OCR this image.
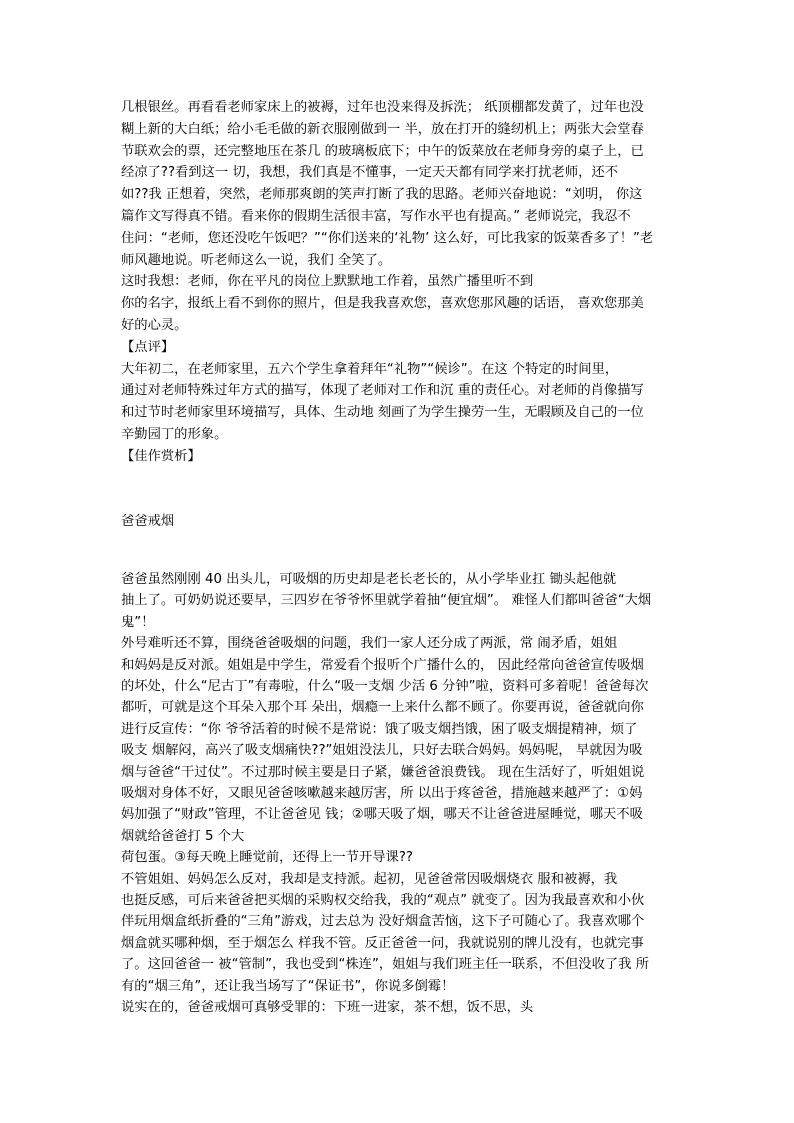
几根银丝。再看看老师家床上的被褥，过年也没来得及拆洗； 纸顶棚都发黄了，过年也没
糊上新的大白纸；给小毛毛做的新衣服刚做到一 半，放在打开的缝纫机上；两张大会堂春
节联欢会的票，还完整地压在茶几 的玻璃板底下；中午的饭菜放在老师身旁的桌子上，已
经凉了??看到这一 切，我想，我们真是不懂事，一定天天都有同学来打扰老师，还不
如??我 正想着，突然，老师那爽朗的笑声打断了我的思路。老师兴奋地说：“刘明， 你这
篇作文写得真不错。看来你的假期生活很丰富，写作水平也有提高。” 老师说完，我忍不
住问：“老师，您还没吃午饭吧？”“你们送来的‘礼物’ 这么好，可比我家的饭菜香多了！”老
师风趣地说。听老师这么一说，我们 全笑了。
这时我想：老师，你在平凡的岗位上默默地工作着，虽然广播里听不到
你的名字，报纸上看不到你的照片，但是我我喜欢您，喜欢您那风趣的话语， 喜欢您那美
好的心灵。
【点评】
大年初二，在老师家里，五六个学生拿着拜年“礼物”“候诊”。在这 个特定的时间里，
通过对老师特殊过年方式的描写，体现了老师对工作和沉 重的责任心。对老师的肖像描写
和过节时老师家里环境描写，具体、生动地 刻画了为学生操劳一生，无暇顾及自己的一位
辛勤园丁的形象。
【佳作赏析】
爸爸戒烟
爸爸虽然刚刚 40 出头儿，可吸烟的历史却是老长老长的，从小学毕业扛 锄头起他就
抽上了。可奶奶说还要早，三四岁在爷爷怀里就学着抽“便宜烟”。 难怪人们都叫爸爸“大烟
鬼”！
外号难听还不算，围绕爸爸吸烟的问题，我们一家人还分成了两派，常 闹矛盾，姐姐
和妈妈是反对派。姐姐是中学生，常爱看个报听个广播什么的， 因此经常向爸爸宣传吸烟
的坏处，什么“尼古丁”有毒啦，什么“吸一支烟 少活 6 分钟”啦，资料可多着呢！爸爸每次
都听，可就是这个耳朵入那个耳 朵出，烟瘾一上来什么都不顾了。你要再说，爸爸就向你
进行反宣传：“你 爷爷活着的时候不是常说：饿了吸支烟挡饿，困了吸支烟提精神，烦了
吸支 烟解闷，高兴了吸支烟痛快??”姐姐没法儿，只好去联合妈妈。妈妈呢， 早就因为吸
烟与爸爸“干过仗”。不过那时候主要是日子紧，嫌爸爸浪费钱。 现在生活好了，听姐姐说
吸烟对身体不好，又眼见爸爸咳嗽越来越厉害，所 以出于疼爸爸，措施越来越严了：①妈
妈加强了“财政”管理，不让爸爸见 钱；②哪天吸了烟，哪天不让爸爸进屋睡觉，哪天不吸
烟就给爸爸打 5 个大
荷包蛋。③每天晚上睡觉前，还得上一节开导课??
不管姐姐、妈妈怎么反对，我却是支持派。起初，见爸爸常因吸烟烧衣 服和被褥，我
也挺反感，可后来爸爸把买烟的采购权交给我，我的“观点” 就变了。因为我最喜欢和小伙
伴玩用烟盒纸折叠的“三角”游戏，过去总为 没好烟盒苦恼，这下子可随心了。我喜欢哪个
烟盒就买哪种烟，至于烟怎么 样我不管。反正爸爸一问，我就说别的牌儿没有，也就完事
了。这回爸爸一 被“管制”，我也受到“株连”，姐姐与我们班主任一联系，不但没收了我 所
有的“烟三角”，还让我当场写了“保证书”，你说多倒霉！
说实在的，爸爸戒烟可真够受罪的：下班一进家，茶不想，饭不思，头
